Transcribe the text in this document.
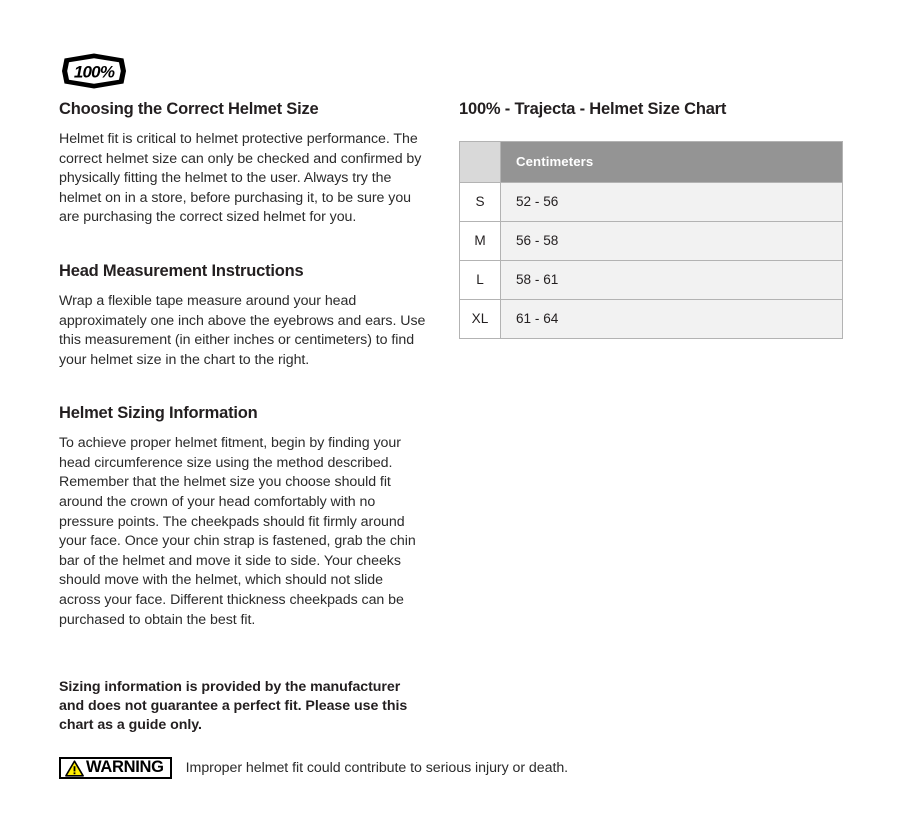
100%
Choosing the Correct Helmet Size

Helmet fit is critical to helmet protective performance. The correct helmet size can only be checked and confirmed by physically fitting the helmet to the user. Always try the helmet on in a store, before purchasing it, to be sure you are purchasing the correct sized helmet for you.

Head Measurement Instructions

Wrap a flexible tape measure around your head approximately one inch above the eyebrows and ears. Use this measurement (in either inches or centimeters) to find your helmet size in the chart to the right.

Helmet Sizing Information

To achieve proper helmet fitment, begin by finding your head circumference size using the method described. Remember that the helmet size you choose should fit around the crown of your head comfortably with no pressure points. The cheekpads should fit firmly around your face. Once your chin strap is fastened, grab the chin bar of the helmet and move it side to side. Your cheeks should move with the helmet, which should not slide across your face. Different thickness cheekpads can be purchased to obtain the best fit.

Sizing information is provided by the manufacturer and does not guarantee a perfect fit. Please use this chart as a guide only.
WARNING Improper helmet fit could contribute to serious injury or death.
100% - Trajecta - Helmet Size Chart
	Centimeters
S	52 - 56
M	56 - 58
L	58 - 61
XL	61 - 64
